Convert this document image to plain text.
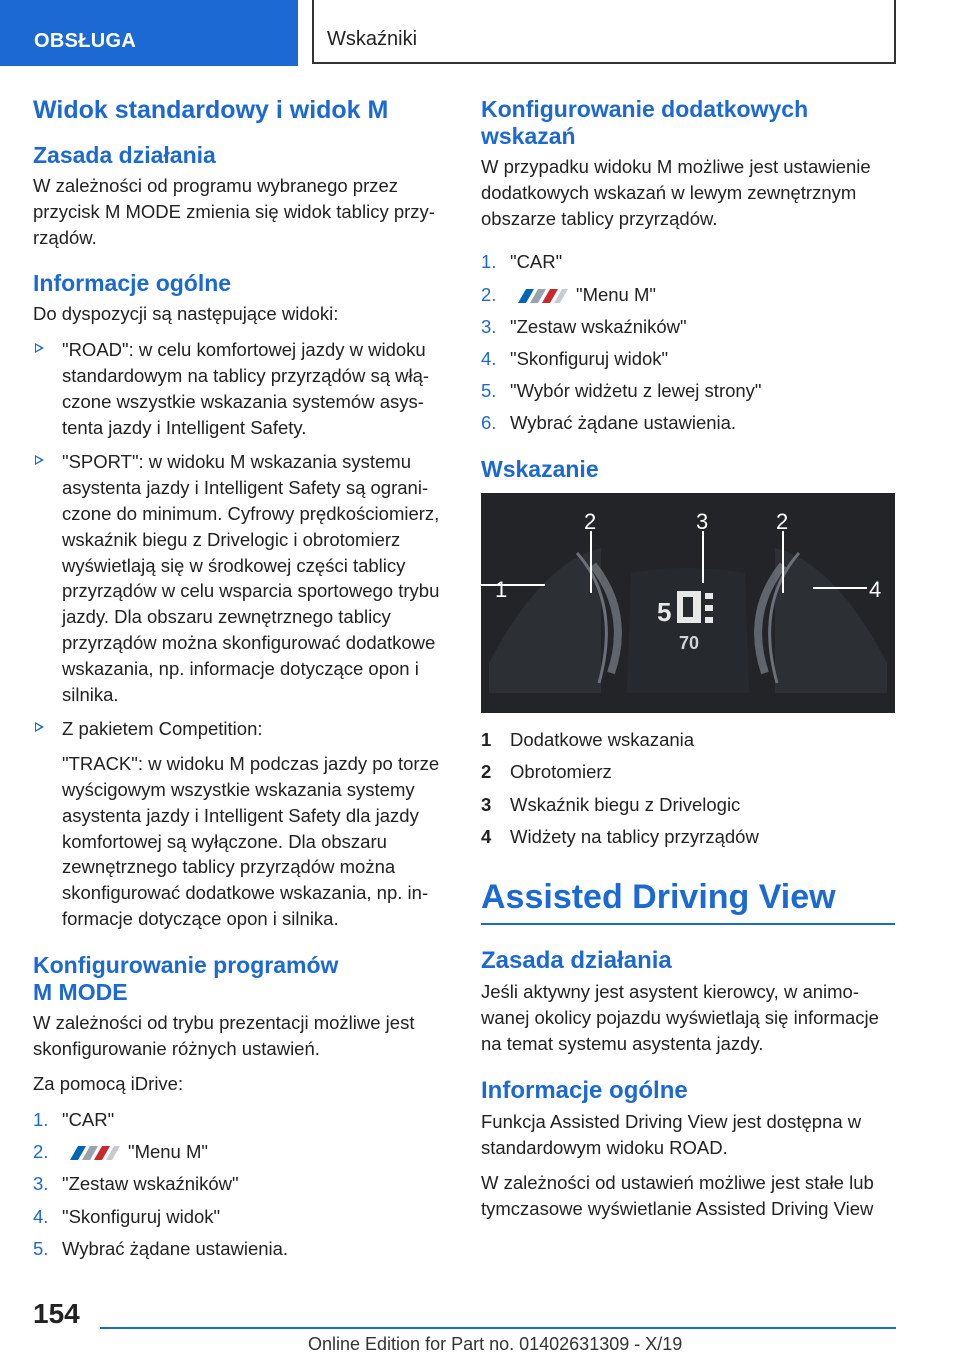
OBSŁUGA	Wskaźniki
Widok standardowy i widok M
Zasada działania

W zależności od programu wybranego przez przycisk M MODE zmienia się widok tablicy przyrządów.

Informacje ogólne

Do dyspozycji są następujące widoki:

"ROAD": w celu komfortowej jazdy w widoku standardowym na tablicy przyrządów są włączone wszystkie wskazania systemów asystenta jazdy i Intelligent Safety.
"SPORT": w widoku M wskazania systemu asystenta jazdy i Intelligent Safety są ograniczone do minimum. Cyfrowy prędkościomierz, wskaźnik biegu z Drivelogic i obrotomierz wyświetlają się w środkowej części tablicy przyrządów w celu wsparcia sportowego trybu jazdy. Dla obszaru zewnętrznego tablicy przyrządów można skonfigurować dodatkowe wskazania, np. informacje dotyczące opon i silnika.
Z pakietem Competition:
"TRACK": w widoku M podczas jazdy po torze wyścigowym wszystkie wskazania systemy asystenta jazdy i Intelligent Safety dla jazdy komfortowej są wyłączone. Dla obszaru zewnętrznego tablicy przyrządów można skonfigurować dodatkowe wskazania, np. informacje dotyczące opon i silnika.
Konfigurowanie programów
M MODE

W zależności od trybu prezentacji możliwe jest skonfigurowanie różnych ustawień.

Za pomocą iDrive:

1. "CAR"
2.	"Menu M"
3. "Zestaw wskaźników"
4. "Skonfiguruj widok"
5. Wybrać żądane ustawienia.
Konfigurowanie dodatkowych
wskazań

W przypadku widoku M możliwe jest ustawienie dodatkowych wskazań w lewym zewnętrznym obszarze tablicy przyrządów.

1. "CAR"
2.	"Menu M"
3. "Zestaw wskaźników"
4. "Skonfiguruj widok"
5. "Wybór widżetu z lewej strony"
6. Wybrać żądane ustawienia.
Wskazanie
5
70
1
2	3	2
4
1 Dodatkowe wskazania
2 Obrotomierz
3 Wskaźnik biegu z Drivelogic
4 Widżety na tablicy przyrządów
Assisted Driving View
Zasada działania

Jeśli aktywny jest asystent kierowcy, w animowanej okolicy pojazdu wyświetlają się informacje na temat systemu asystenta jazdy.

Informacje ogólne

Funkcja Assisted Driving View jest dostępna w standardowym widoku ROAD.

W zależności od ustawień możliwe jest stałe lub tymczasowe wyświetlanie Assisted Driving View

154
Online Edition for Part no. 01402631309 - X/19
